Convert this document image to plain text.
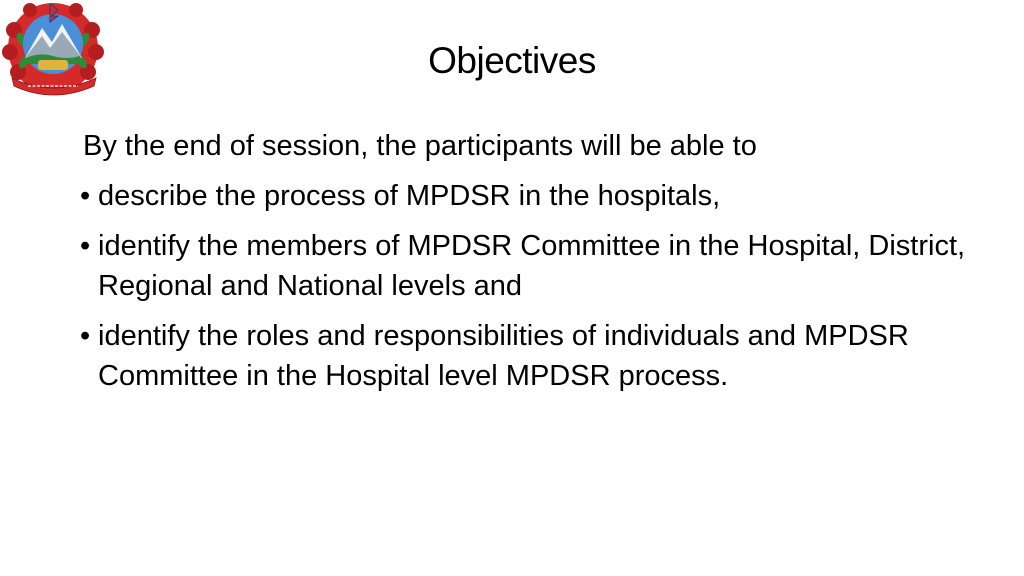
Objectives
By the end of session, the participants will be able to
• describe the process of MPDSR in the hospitals,
• identify the members of MPDSR Committee in the Hospital, District, Regional and National levels and
• identify the roles and responsibilities of individuals and MPDSR Committee in the Hospital level MPDSR process.
